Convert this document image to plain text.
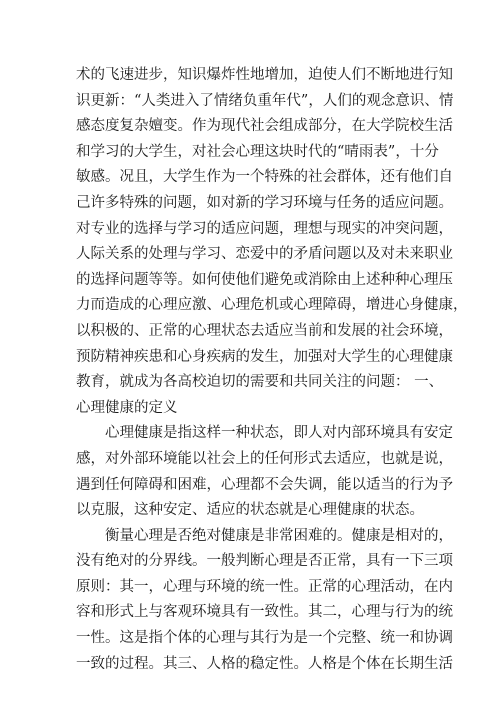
术的飞速进步，知识爆炸性地增加，迫使人们不断地进行知
识更新：“人类进入了情绪负重年代”，人们的观念意识、情
感态度复杂嬗变。作为现代社会组成部分，在大学院校生活
和学习的大学生，对社会心理这块时代的“晴雨表”，十分
敏感。况且，大学生作为一个特殊的社会群体，还有他们自
己许多特殊的问题，如对新的学习环境与任务的适应问题。
对专业的选择与学习的适应问题，理想与现实的冲突问题，
人际关系的处理与学习、恋爱中的矛盾问题以及对未来职业
的选择问题等等。如何使他们避免或消除由上述种种心理压
力而造成的心理应激、心理危机或心理障碍，增进心身健康，
以积极的、正常的心理状态去适应当前和发展的社会环境，
预防精神疾患和心身疾病的发生，加强对大学生的心理健康
教育，就成为各高校迫切的需要和共同关注的问题： 一、
心理健康的定义
心理健康是指这样一种状态，即人对内部环境具有安定
感，对外部环境能以社会上的任何形式去适应，也就是说，
遇到任何障碍和困难，心理都不会失调，能以适当的行为予
以克服，这种安定、适应的状态就是心理健康的状态。
衡量心理是否绝对健康是非常困难的。健康是相对的，
没有绝对的分界线。一般判断心理是否正常，具有一下三项
原则：其一，心理与环境的统一性。正常的心理活动，在内
容和形式上与客观环境具有一致性。其二，心理与行为的统
一性。这是指个体的心理与其行为是一个完整、统一和协调
一致的过程。其三、人格的稳定性。人格是个体在长期生活
